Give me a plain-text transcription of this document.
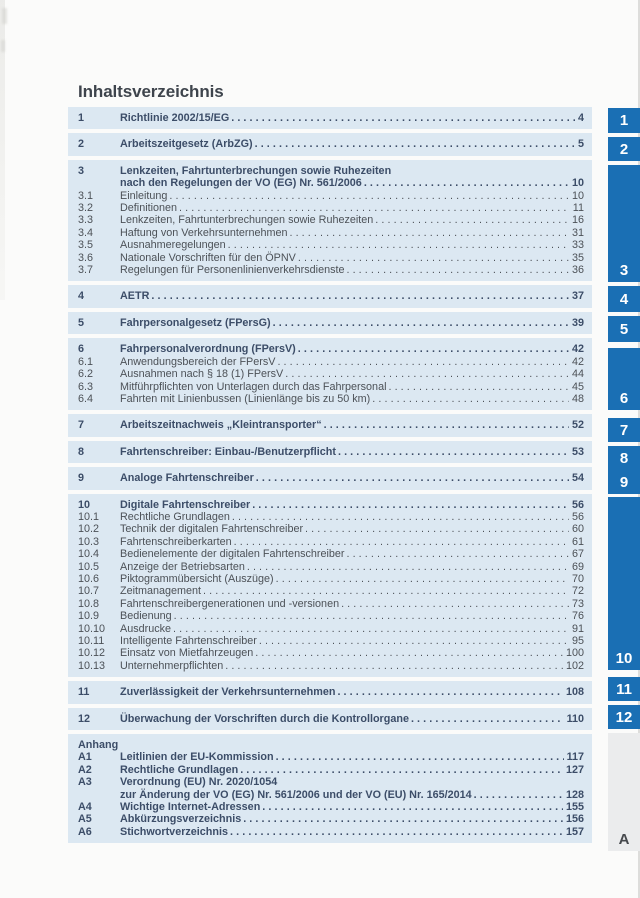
Inhaltsverzeichnis
1	Richtlinie 2002/15/EG .....	4
2	Arbeitszeitgesetz (ArbZG) .....	5
3	Lenkzeiten, Fahrtunterbrechungen sowie Ruhezeiten
nach den Regelungen der VO (EG) Nr. 561/2006 .....	10
3.1	Einleitung .....	10
3.2	Definitionen .....	11
3.3	Lenkzeiten, Fahrtunterbrechungen sowie Ruhezeiten .....	16
3.4	Haftung von Verkehrsunternehmen .....	31
3.5	Ausnahmeregelungen .....	33
3.6	Nationale Vorschriften für den ÖPNV .....	35
3.7	Regelungen für Personenlinienverkehrsdienste .....	36
4	AETR .....	37
5	Fahrpersonalgesetz (FPersG) .....	39
6	Fahrpersonalverordnung (FPersV) .....	42
6.1	Anwendungsbereich der FPersV .....	42
6.2	Ausnahmen nach § 18 (1) FPersV .....	44
6.3	Mitführpflichten von Unterlagen durch das Fahrpersonal .....	45
6.4	Fahrten mit Linienbussen (Linienlänge bis zu 50 km) .....	48
7	Arbeitszeitnachweis „Kleintransporter“ .....	52
8	Fahrtenschreiber: Einbau-/Benutzerpflicht .....	53
9	Analoge Fahrtenschreiber .....	54
10	Digitale Fahrtenschreiber .....	56
10.1	Rechtliche Grundlagen .....	56
10.2	Technik der digitalen Fahrtenschreiber .....	60
10.3	Fahrtenschreiberkarten .....	61
10.4	Bedienelemente der digitalen Fahrtenschreiber .....	67
10.5	Anzeige der Betriebsarten .....	69
10.6	Piktogrammübersicht (Auszüge) .....	70
10.7	Zeitmanagement .....	72
10.8	Fahrtenschreibergenerationen und -versionen .....	73
10.9	Bedienung .....	76
10.10	Ausdrucke .....	91
10.11	Intelligente Fahrtenschreiber .....	95
10.12	Einsatz von Mietfahrzeugen .....	100
10.13	Unternehmerpflichten .....	102
11	Zuverlässigkeit der Verkehrsunternehmen .....	108
12	Überwachung der Vorschriften durch die Kontrollorgane .....	110
Anhang
A1	Leitlinien der EU-Kommission .....	117
A2	Rechtliche Grundlagen .....	127
A3	Verordnung (EU) Nr. 2020/1054
zur Änderung der VO (EG) Nr. 561/2006 und der VO (EU) Nr. 165/2014 .....	128
A4	Wichtige Internet-Adressen .....	155
A5	Abkürzungsverzeichnis .....	156
A6	Stichwortverzeichnis .....	157
1
2
3
4
5
6
7
8
9
10
11
12
A
